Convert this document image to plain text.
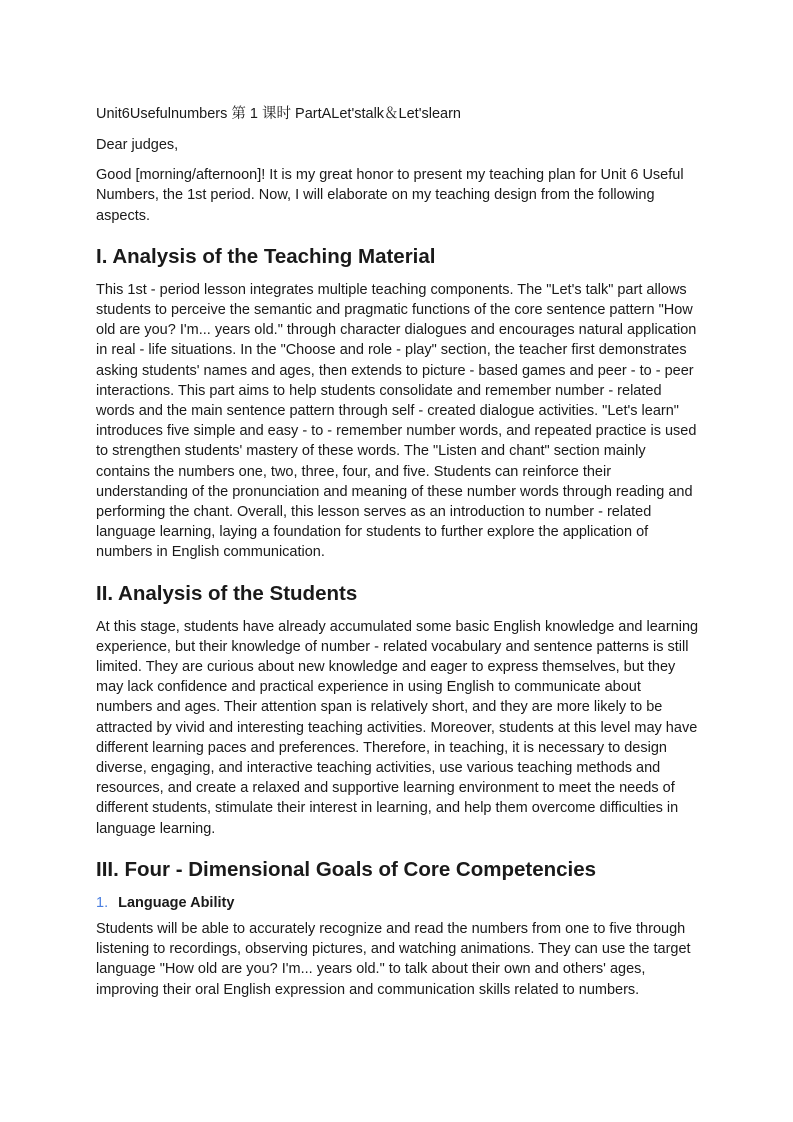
Unit6Usefulnumbers 第 1 课时 PartALet'stalk＆Let'slearn

Dear judges,

Good [morning/afternoon]! It is my great honor to present my teaching plan for Unit 6 Useful Numbers, the 1st period. Now, I will elaborate on my teaching design from the following aspects.

I. Analysis of the Teaching Material

This 1st - period lesson integrates multiple teaching components. The "Let's talk" part allows students to perceive the semantic and pragmatic functions of the core sentence pattern "How old are you? I'm... years old." through character dialogues and encourages natural application in real - life situations. In the "Choose and role - play" section, the teacher first demonstrates asking students' names and ages, then extends to picture - based games and peer - to - peer interactions. This part aims to help students consolidate and remember number - related words and the main sentence pattern through self - created dialogue activities. "Let's learn" introduces five simple and easy - to - remember number words, and repeated practice is used to strengthen students' mastery of these words. The "Listen and chant" section mainly contains the numbers one, two, three, four, and five. Students can reinforce their understanding of the pronunciation and meaning of these number words through reading and performing the chant. Overall, this lesson serves as an introduction to number - related language learning, laying a foundation for students to further explore the application of numbers in English communication.

II. Analysis of the Students

At this stage, students have already accumulated some basic English knowledge and learning experience, but their knowledge of number - related vocabulary and sentence patterns is still limited. They are curious about new knowledge and eager to express themselves, but they may lack confidence and practical experience in using English to communicate about numbers and ages. Their attention span is relatively short, and they are more likely to be attracted by vivid and interesting teaching activities. Moreover, students at this level may have different learning paces and preferences. Therefore, in teaching, it is necessary to design diverse, engaging, and interactive teaching activities, use various teaching methods and resources, and create a relaxed and supportive learning environment to meet the needs of different students, stimulate their interest in learning, and help them overcome difficulties in language learning.

III. Four - Dimensional Goals of Core Competencies
1. Language Ability

Students will be able to accurately recognize and read the numbers from one to five through listening to recordings, observing pictures, and watching animations. They can use the target language "How old are you? I'm... years old." to talk about their own and others' ages, improving their oral English expression and communication skills related to numbers.
